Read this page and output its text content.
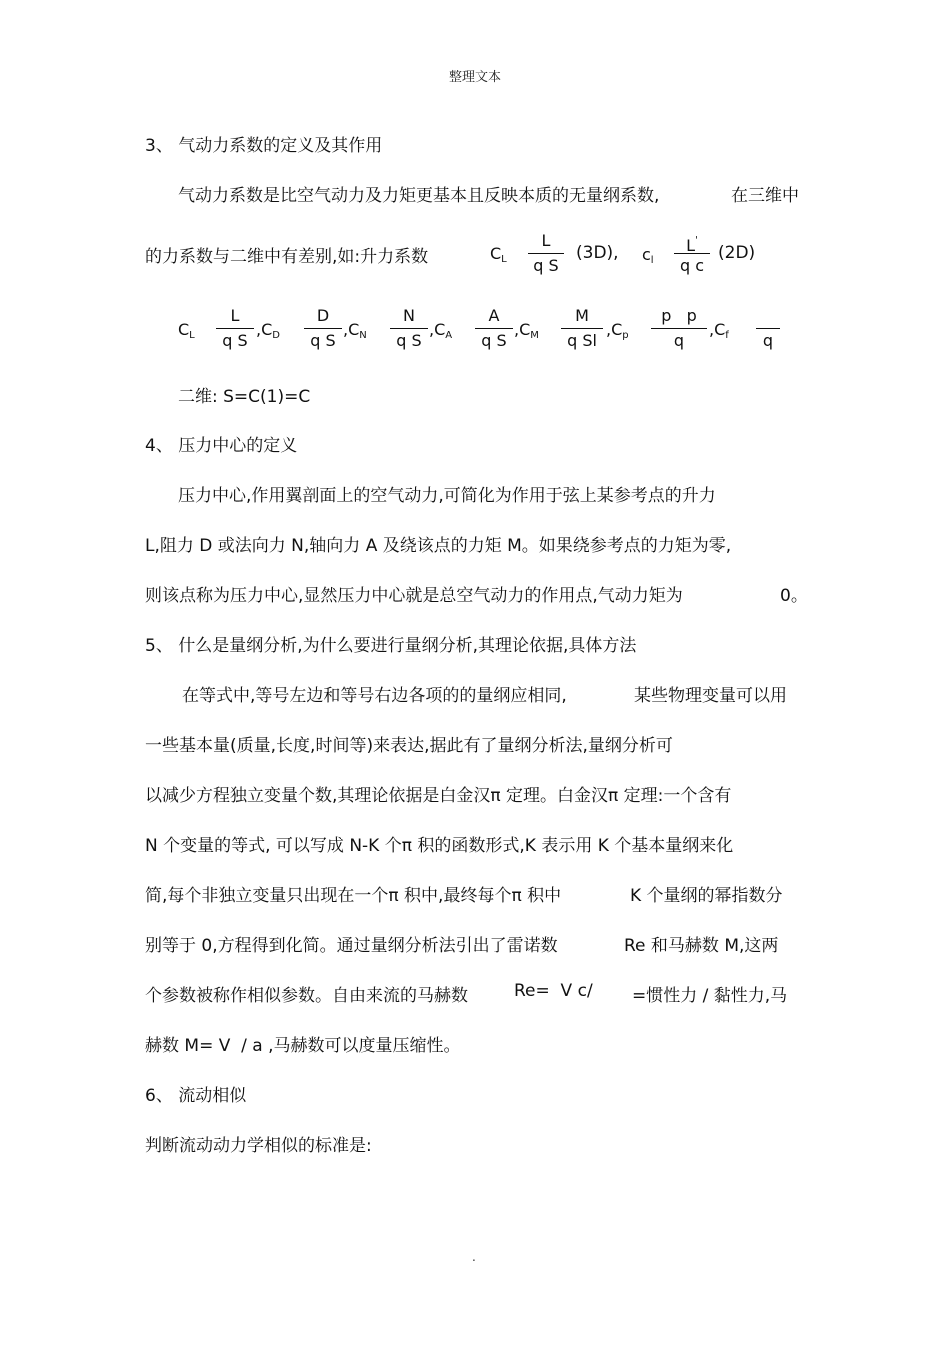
整理文本
3、 气动力系数的定义及其作用
气动力系数是比空气动力及力矩更基本且反映本质的无量纲系数,	在三维中
的力系数与二维中有差别,如:升力系数	$C_L$
L
q S
(3D), $c_l$
L'
q c
(2D)
$C_L$
L
q S
$,C_D$
D
q S
$,C_N$
N
q S
$,C_A$
A
q S
$,C_M$
M
q Sl
$,C_p$
p   p
q
$,C_f$	q
二维: S=C(1)=C
4、 压力中心的定义
压力中心,作用翼剖面上的空气动力,可简化为作用于弦上某参考点的升力
L,阻力 D 或法向力 N,轴向力 A 及绕该点的力矩 M。如果绕参考点的力矩为零,
则该点称为压力中心,显然压力中心就是总空气动力的作用点,气动力矩为	0。
5、 什么是量纲分析,为什么要进行量纲分析,其理论依据,具体方法
在等式中,等号左边和等号右边各项的的量纲应相同,	某些物理变量可以用
一些基本量(质量,长度,时间等)来表达,据此有了量纲分析法,量纲分析可
以减少方程独立变量个数,其理论依据是白金汉π 定理。白金汉π 定理:一个含有
N 个变量的等式, 可以写成 N-K 个π 积的函数形式,K 表示用 K 个基本量纲来化
简,每个非独立变量只出现在一个π 积中,最终每个π 积中	K 个量纲的幂指数分
别等于 0,方程得到化简。通过量纲分析法引出了雷诺数	Re 和马赫数 M,这两
个参数被称作相似参数。自由来流的马赫数	Re=  V c/ =惯性力 / 黏性力,马
赫数 M= V  / a ,马赫数可以度量压缩性。
6、 流动相似
判断流动动力学相似的标准是:
.
